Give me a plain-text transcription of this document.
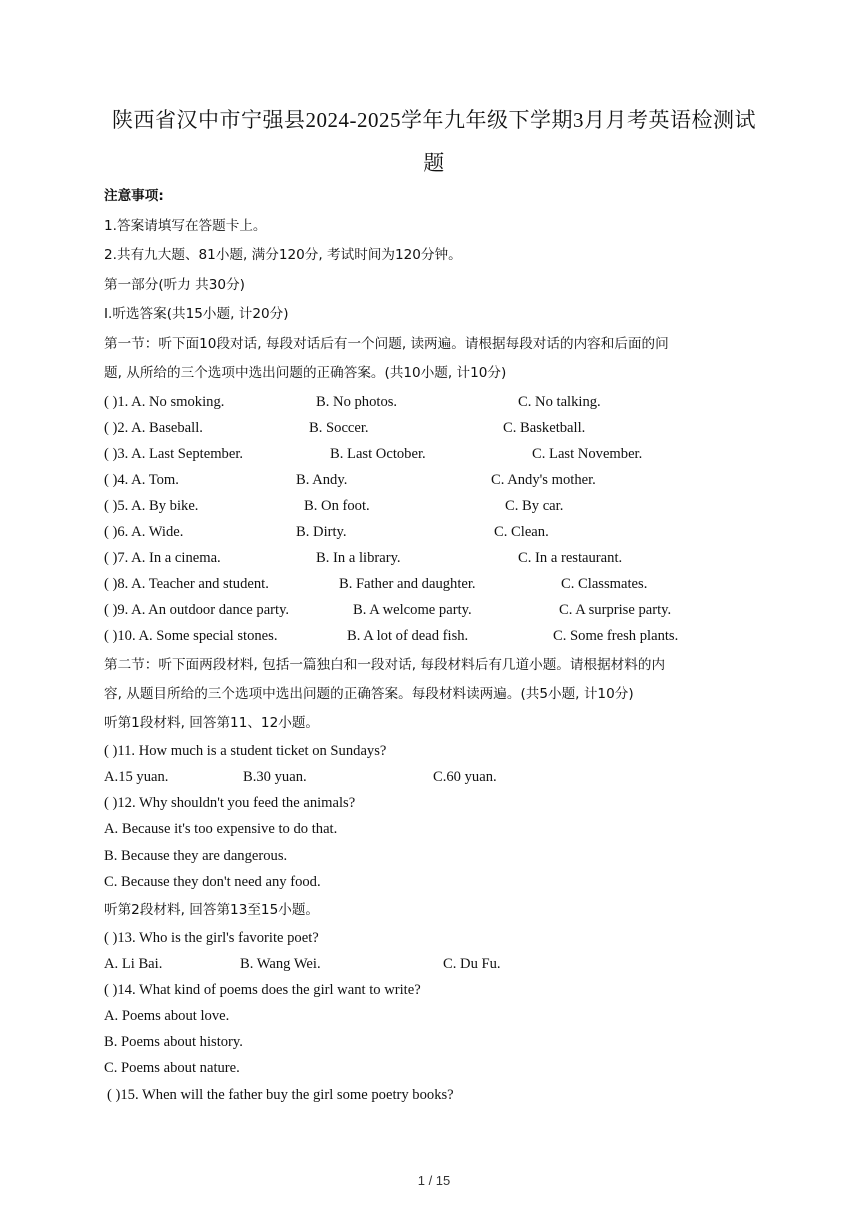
陕西省汉中市宁强县2024-2025学年九年级下学期3月月考英语检测试
题
注意事项:
1.答案请填写在答题卡上。
2.共有九大题、81小题, 满分120分, 考试时间为120分钟。
第一部分(听力 共30分)
I.听选答案(共15小题, 计20分)
第一节：听下面10段对话, 每段对话后有一个问题, 读两遍。请根据每段对话的内容和后面的问
题, 从所给的三个选项中选出问题的正确答案。(共10小题, 计10分)
( )1. A. No smoking.	B. No photos.	C. No talking.
( )2. A. Baseball.	B. Soccer.	C. Basketball.
( )3. A. Last September.	B. Last October.	C. Last November.
( )4. A. Tom.	B. Andy.	C. Andy's mother.
( )5. A. By bike.	B. On foot.	C. By car.
( )6. A. Wide.	B. Dirty.	C. Clean.
( )7. A. In a cinema.	B. In a library.	C. In a restaurant.
( )8. A. Teacher and student.	B. Father and daughter.	C. Classmates.
( )9. A. An outdoor dance party.	B. A welcome party.	C. A surprise party.
( )10. A. Some special stones.	B. A lot of dead fish.	C. Some fresh plants.
第二节：听下面两段材料, 包括一篇独白和一段对话, 每段材料后有几道小题。请根据材料的内
容, 从题目所给的三个选项中选出问题的正确答案。每段材料读两遍。(共5小题, 计10分)
听第1段材料, 回答第11、12小题。
( )11. How much is a student ticket on Sundays?
A.15 yuan.	B.30 yuan.	C.60 yuan.
( )12. Why shouldn't you feed the animals?
A. Because it's too expensive to do that.
B. Because they are dangerous.
C. Because they don't need any food.
听第2段材料, 回答第13至15小题。
( )13. Who is the girl's favorite poet?
A. Li Bai.	B. Wang Wei.	C. Du Fu.
( )14. What kind of poems does the girl want to write?
A. Poems about love.
B. Poems about history.
C. Poems about nature.
( )15. When will the father buy the girl some poetry books?
1 / 15
